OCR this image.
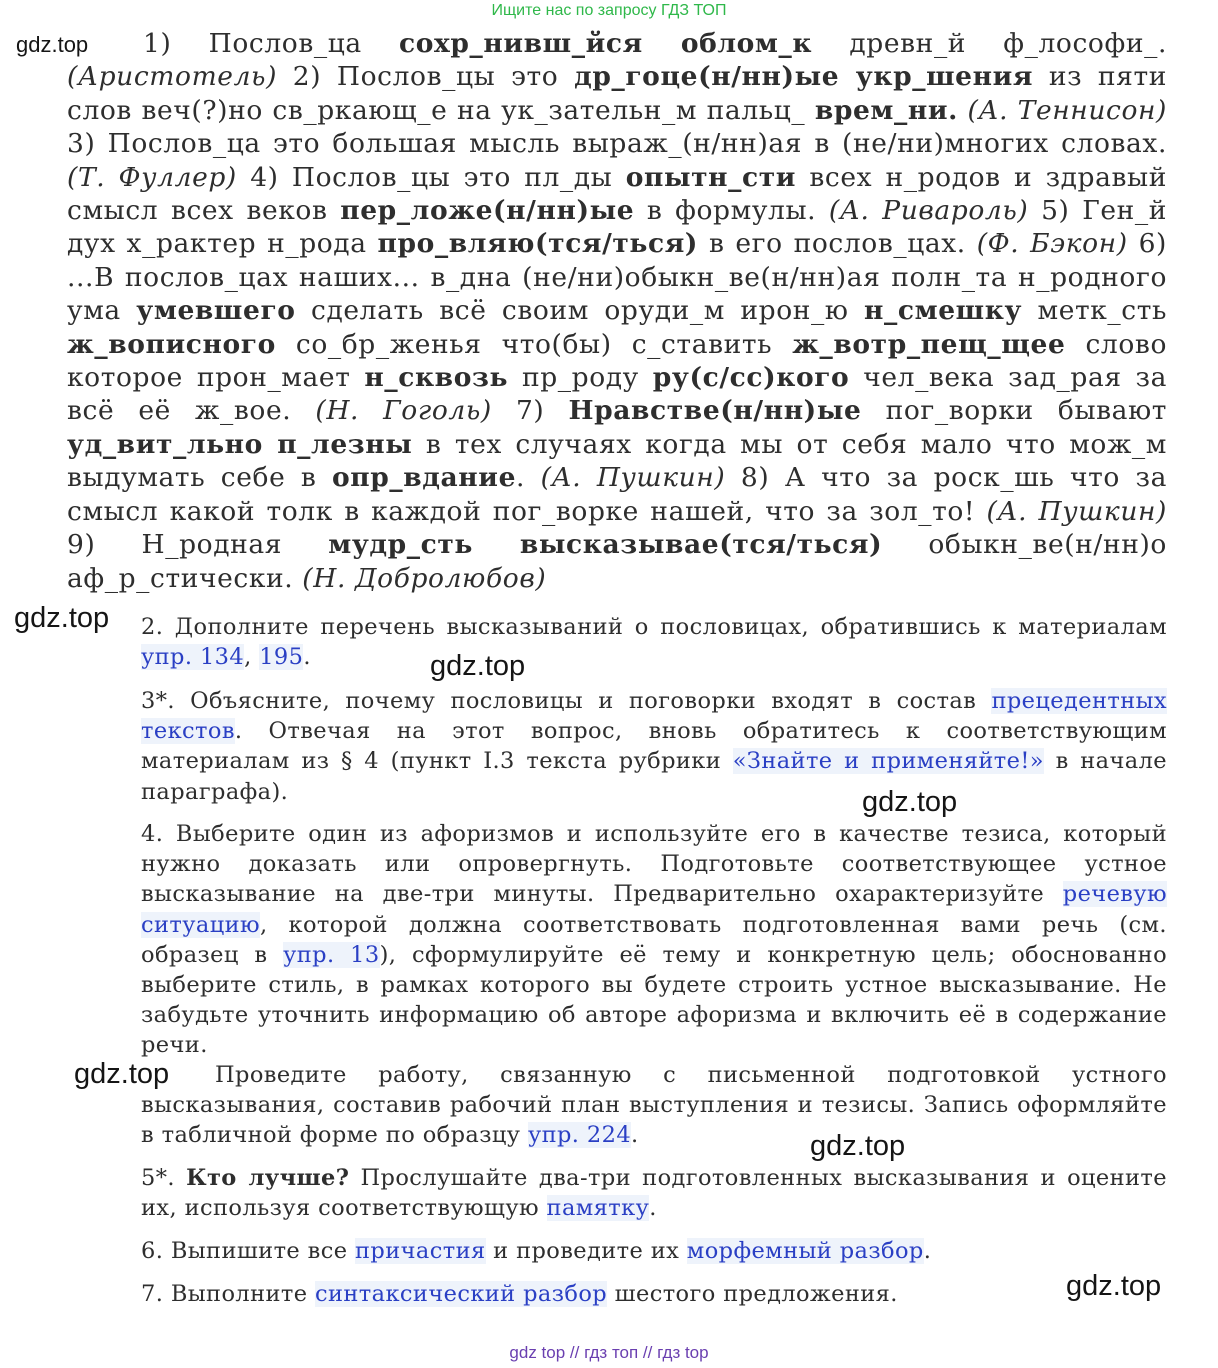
Ищите нас по запросу ГДЗ ТОП
gdz.top
gdz.top
gdz.top
gdz.top
gdz.top
gdz.top
gdz.top

1) Послов_ца сохр_нивш_йся облом_к древн_й ф_лософи_. (Аристотель) 2) Послов_цы это др_гоце(н/нн)ые укр_шения из пяти слов веч(?)но св_ркающ_е на ук_зательн_м пальц_ врем_ни. (А. Теннисон) 3) Послов_ца это большая мысль выраж_(н/нн)ая в (не/ни)многих словах. (Т. Фуллер) 4) Послов_цы это пл_ды опытн_сти всех н_родов и здравый смысл всех веков пер_ложе(н/нн)ые в формулы. (А. Ривароль) 5) Ген_й дух х_рактер н_рода про_вляю(тся/ться) в его послов_цах. (Ф. Бэкон) 6) ...В послов_цах наших... в_дна (не/ни)обыкн_ве(н/нн)ая полн_та н_родного ума умевшего сделать всё своим оруди_м ирон_ю н_смешку метк_сть ж_вописного со_бр_женья что(бы) с_ставить ж_вотр_пещ_щее слово которое прон_мает н_сквозь пр_роду ру(с/сс)кого чел_века зад_рая за всё её ж_вое. (Н. Гоголь) 7) Нравстве(н/нн)ые пог_ворки бывают уд_вит_льно п_лезны в тех случаях когда мы от себя мало что мож_м выдумать себе в опр_вдание. (А. Пушкин) 8) А что за роск_шь что за смысл какой толк в каждой пог_ворке нашей, что за зол_то! (А. Пушкин) 9) Н_родная мудр_сть высказывае(тся/ться) обыкн_ве(н/нн)о аф_р_стически. (Н. Добролюбов)

2. Дополните перечень высказываний о пословицах, обратившись к материалам упр. 134, 195.

3*. Объясните, почему пословицы и поговорки входят в состав прецедентных текстов. Отвечая на этот вопрос, вновь обратитесь к соответствующим материалам из § 4 (пункт I.3 текста рубрики «Знайте и применяйте!» в начале параграфа).

4. Выберите один из афоризмов и используйте его в качестве тезиса, который нужно доказать или опровергнуть. Подготовьте соответствующее устное высказывание на две-три минуты. Предварительно охарактеризуйте речевую ситуацию, которой должна соответствовать подготовленная вами речь (см. образец в упр. 13), сформулируйте её тему и конкретную цель; обоснованно выберите стиль, в рамках которого вы будете строить устное высказывание. Не забудьте уточнить информацию об авторе афоризма и включить её в содержание речи.

Проведите работу, связанную с письменной подготовкой устного высказывания, составив рабочий план выступления и тезисы. Запись оформляйте в табличной форме по образцу упр. 224.

5*. Кто лучше? Прослушайте два-три подготовленных высказывания и оцените их, используя соответствующую памятку.

6. Выпишите все причастия и проведите их морфемный разбор.

7. Выполните синтаксический разбор шестого предложения.

gdz top // гдз топ // гдз top
